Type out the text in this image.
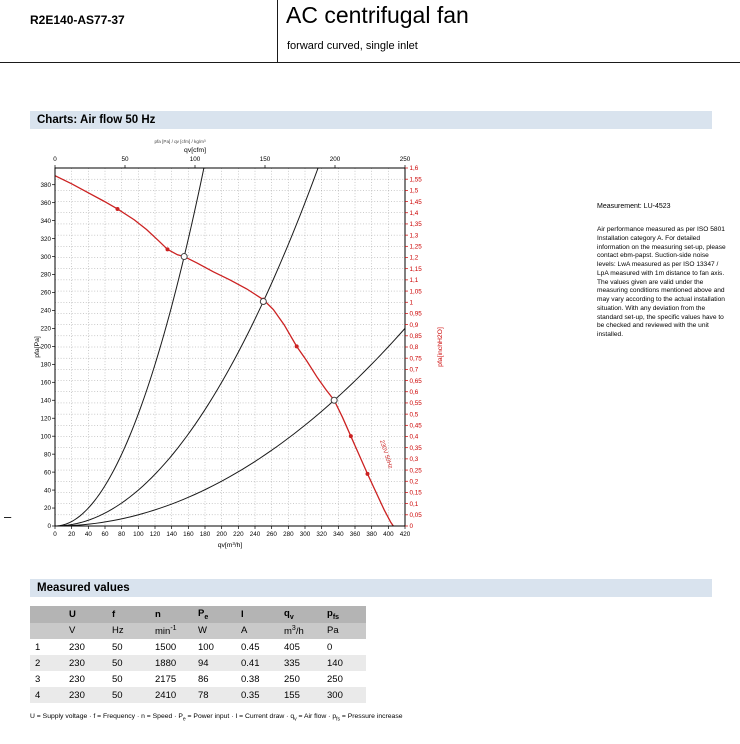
R2E140-AS77-37	AC centrifugal fan
forward curved, single inlet
Charts: Air flow 50 Hz
0 20 40 60 80 100 120 140 160 180 200 220 240 260 280 300 320 340 360 380 400 420
0
20
40
60
80
100
120
140
160
180
200
220
240
260
280
300
320
340
360
380
0	50	100	150	200	250
0
0,05
0,1
0,15
0,2
0,25
0,3
0,35
0,4
0,45
0,5
0,55
0,6
0,65
0,7
0,75
0,8
0,85
0,9
0,95
1
1,05
1,1
1,15
1,2
1,25
1,3
1,35
1,4
1,45
1,5
1,55
1,6
qv[m³/h]
qv[cfm]
pfa [Pa] / qv [cfm] / kg/m³
pfa[Pa]	pfa[inchH2O]
230V 50Hz
Measurement: LU-4523
Air performance measured as per ISO 5801 Installation category A. For detailed information on the measuring set-up, please contact ebm-papst. Suction-side noise levels: LwA measured as per ISO 13347 / LpA measured with 1m distance to fan axis. The values given are valid under the measuring conditions mentioned above and may vary according to the actual installation situation. With any deviation from the standard set-up, the specific values have to be checked and reviewed with the unit installed.
–
Measured values
	U	f	n	$P_e$	I	$q_v$	$p_{fs}$
	V	Hz	$\min^{-1}$	W	A	$m^3/h$	Pa
1	230	50	1500	100	0.45	405	0
2	230	50	1880	94	0.41	335	140
3	230	50	2175	86	0.38	250	250
4	230	50	2410	78	0.35	155	300
U = Supply voltage · f = Frequency · n = Speed · $P_e$ = Power input · I = Current draw · $q_v$ = Air flow · $p_{fs}$ = Pressure increase
